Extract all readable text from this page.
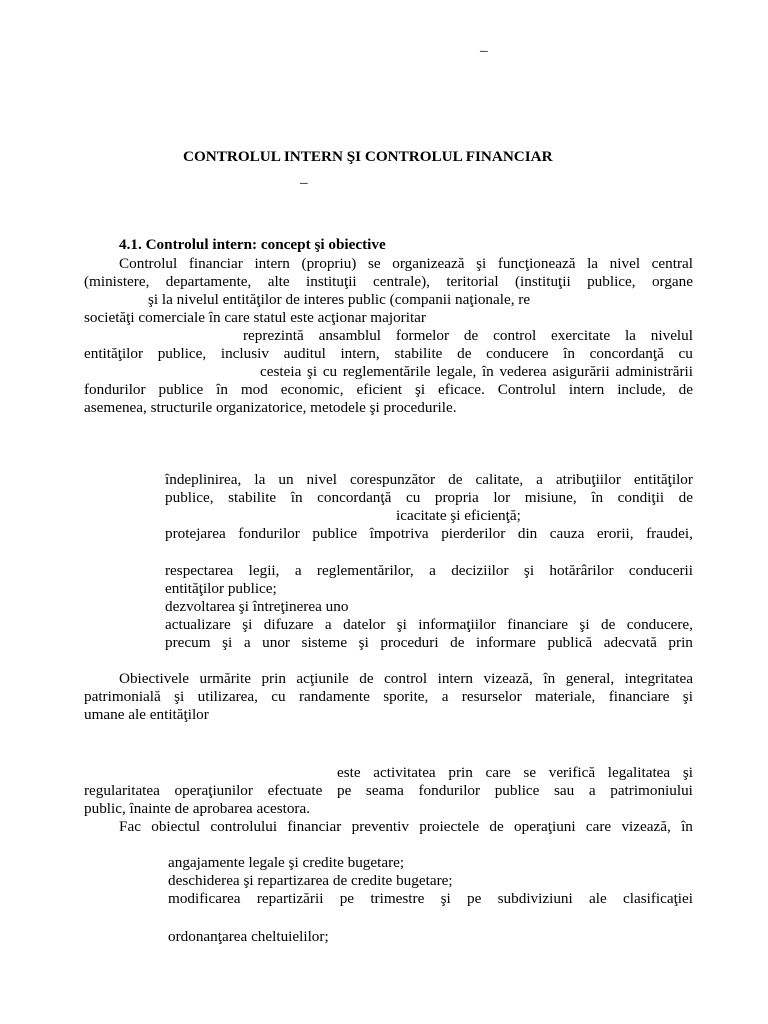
–
CONTROLUL INTERN ŞI CONTROLUL FINANCIAR
–
4.1. Controlul intern: concept şi obiective
Controlul financiar intern (propriu) se organizează şi funcţionează la nivel central
(ministere, departamente, alte instituţii centrale), teritorial (instituţii publice, organe
şi la nivelul entităţilor de interes public (companii naţionale, re
societăţi comerciale în care statul este acţionar majoritar
reprezintă ansamblul formelor de control exercitate la nivelul
entităţilor publice, inclusiv auditul intern, stabilite de conducere în concordanţă cu
cesteia şi cu reglementările legale, în vederea asigurării administrării
fondurilor publice în mod economic, eficient şi eficace. Controlul intern include, de
asemenea, structurile organizatorice, metodele şi procedurile.
îndeplinirea, la un nivel corespunzător de calitate, a atribuţiilor entităţilor
publice, stabilite în concordanţă cu propria lor misiune, în condiţii de
icacitate şi eficienţă;
protejarea fondurilor publice împotriva pierderilor din cauza erorii, fraudei,
respectarea legii, a reglementărilor, a deciziilor şi hotărârilor conducerii
entităţilor publice;
dezvoltarea şi întreţinerea uno
actualizare şi difuzare a datelor şi informaţiilor financiare şi de conducere,
precum şi a unor sisteme şi proceduri de informare publică adecvată prin
Obiectivele urmărite prin acţiunile de control intern vizează, în general, integritatea
patrimonială şi utilizarea, cu randamente sporite, a resurselor materiale, financiare şi
umane ale entităţilor
este activitatea prin care se verifică legalitatea şi
regularitatea operaţiunilor efectuate pe seama fondurilor publice sau a patrimoniului
public, înainte de aprobarea acestora.
Fac obiectul controlului financiar preventiv proiectele de operaţiuni care vizează, în
angajamente legale şi credite bugetare;
deschiderea şi repartizarea de credite bugetare;
modificarea repartizării pe trimestre şi pe subdiviziuni ale clasificaţiei
ordonanţarea cheltuielilor;
